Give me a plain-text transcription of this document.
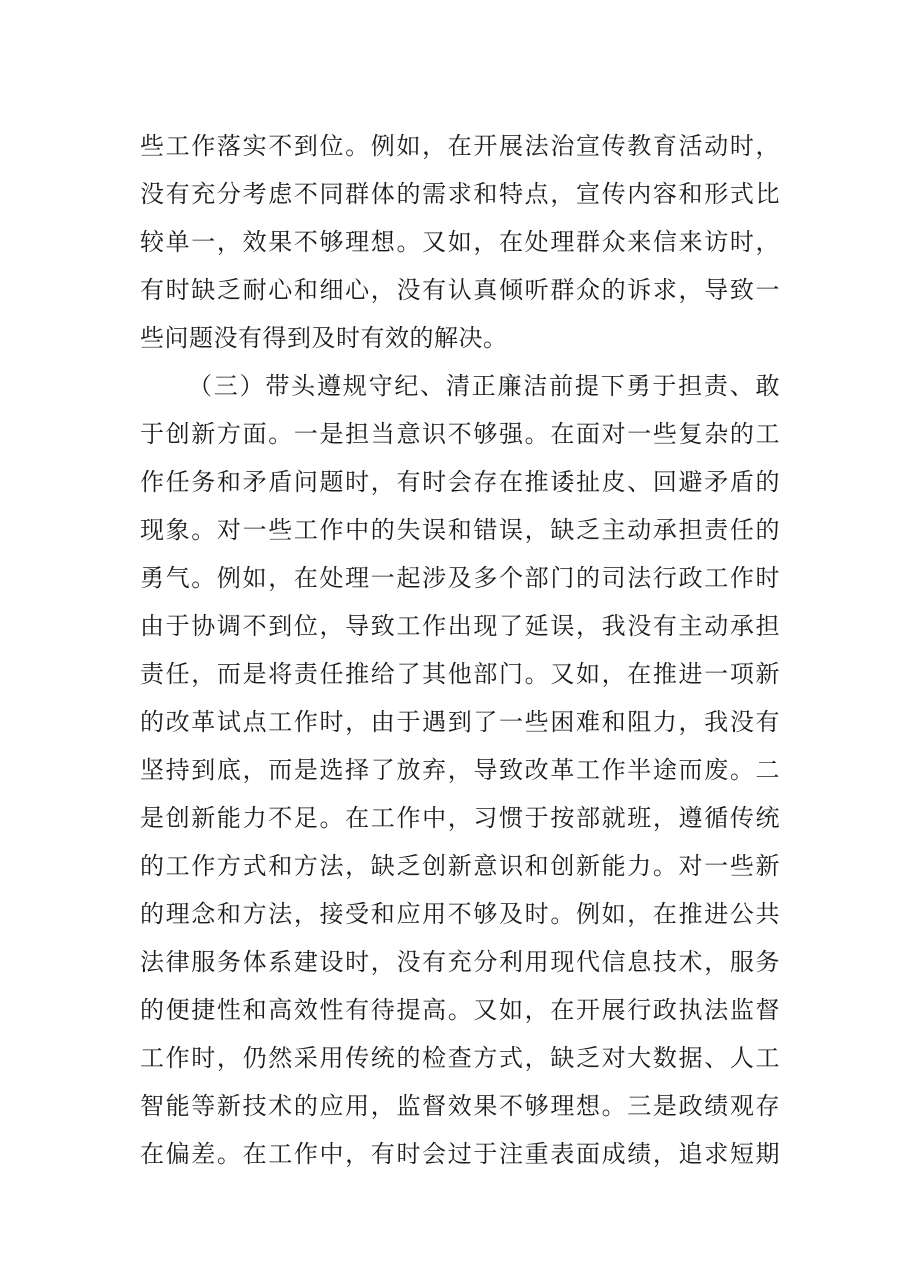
些工作落实不到位。例如，在开展法治宣传教育活动时，
没有充分考虑不同群体的需求和特点，宣传内容和形式比
较单一，效果不够理想。又如，在处理群众来信来访时，
有时缺乏耐心和细心，没有认真倾听群众的诉求，导致一
些问题没有得到及时有效的解决。
（三）带头遵规守纪、清正廉洁前提下勇于担责、敢
于创新方面。一是担当意识不够强。在面对一些复杂的工
作任务和矛盾问题时，有时会存在推诿扯皮、回避矛盾的
现象。对一些工作中的失误和错误，缺乏主动承担责任的
勇气。例如，在处理一起涉及多个部门的司法行政工作时
由于协调不到位，导致工作出现了延误，我没有主动承担
责任，而是将责任推给了其他部门。又如，在推进一项新
的改革试点工作时，由于遇到了一些困难和阻力，我没有
坚持到底，而是选择了放弃，导致改革工作半途而废。二
是创新能力不足。在工作中，习惯于按部就班，遵循传统
的工作方式和方法，缺乏创新意识和创新能力。对一些新
的理念和方法，接受和应用不够及时。例如，在推进公共
法律服务体系建设时，没有充分利用现代信息技术，服务
的便捷性和高效性有待提高。又如，在开展行政执法监督
工作时，仍然采用传统的检查方式，缺乏对大数据、人工
智能等新技术的应用，监督效果不够理想。三是政绩观存
在偏差。在工作中，有时会过于注重表面成绩，追求短期
